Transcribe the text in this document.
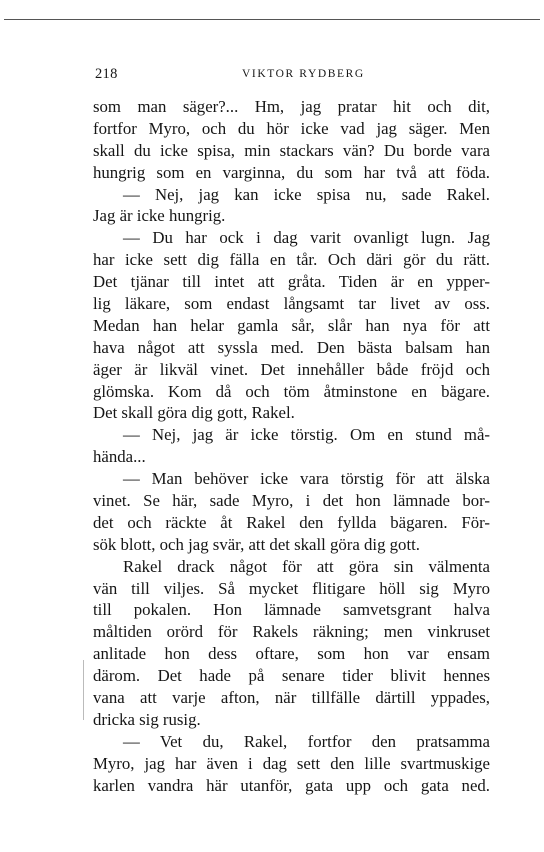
218	VIKTOR RYDBERG
som man säger?... Hm, jag pratar hit och dit,
fortfor Myro, och du hör icke vad jag säger. Men
skall du icke spisa, min stackars vän? Du borde vara
hungrig som en varginna, du som har två att föda.
— Nej, jag kan icke spisa nu, sade Rakel.
Jag är icke hungrig.
— Du har ock i dag varit ovanligt lugn. Jag
har icke sett dig fälla en tår. Och däri gör du rätt.
Det tjänar till intet att gråta. Tiden är en ypper-
lig läkare, som endast långsamt tar livet av oss.
Medan han helar gamla sår, slår han nya för att
hava något att syssla med. Den bästa balsam han
äger är likväl vinet. Det innehåller både fröjd och
glömska. Kom då och töm åtminstone en bägare.
Det skall göra dig gott, Rakel.
— Nej, jag är icke törstig. Om en stund må-
hända...
— Man behöver icke vara törstig för att älska
vinet. Se här, sade Myro, i det hon lämnade bor-
det och räckte åt Rakel den fyllda bägaren. För-
sök blott, och jag svär, att det skall göra dig gott.
Rakel drack något för att göra sin välmenta
vän till viljes. Så mycket flitigare höll sig Myro
till pokalen. Hon lämnade samvetsgrant halva
måltiden orörd för Rakels räkning; men vinkruset
anlitade hon dess oftare, som hon var ensam
därom. Det hade på senare tider blivit hennes
vana att varje afton, när tillfälle därtill yppades,
dricka sig rusig.
— Vet du, Rakel, fortfor den pratsamma
Myro, jag har även i dag sett den lille svartmuskige
karlen vandra här utanför, gata upp och gata ned.
